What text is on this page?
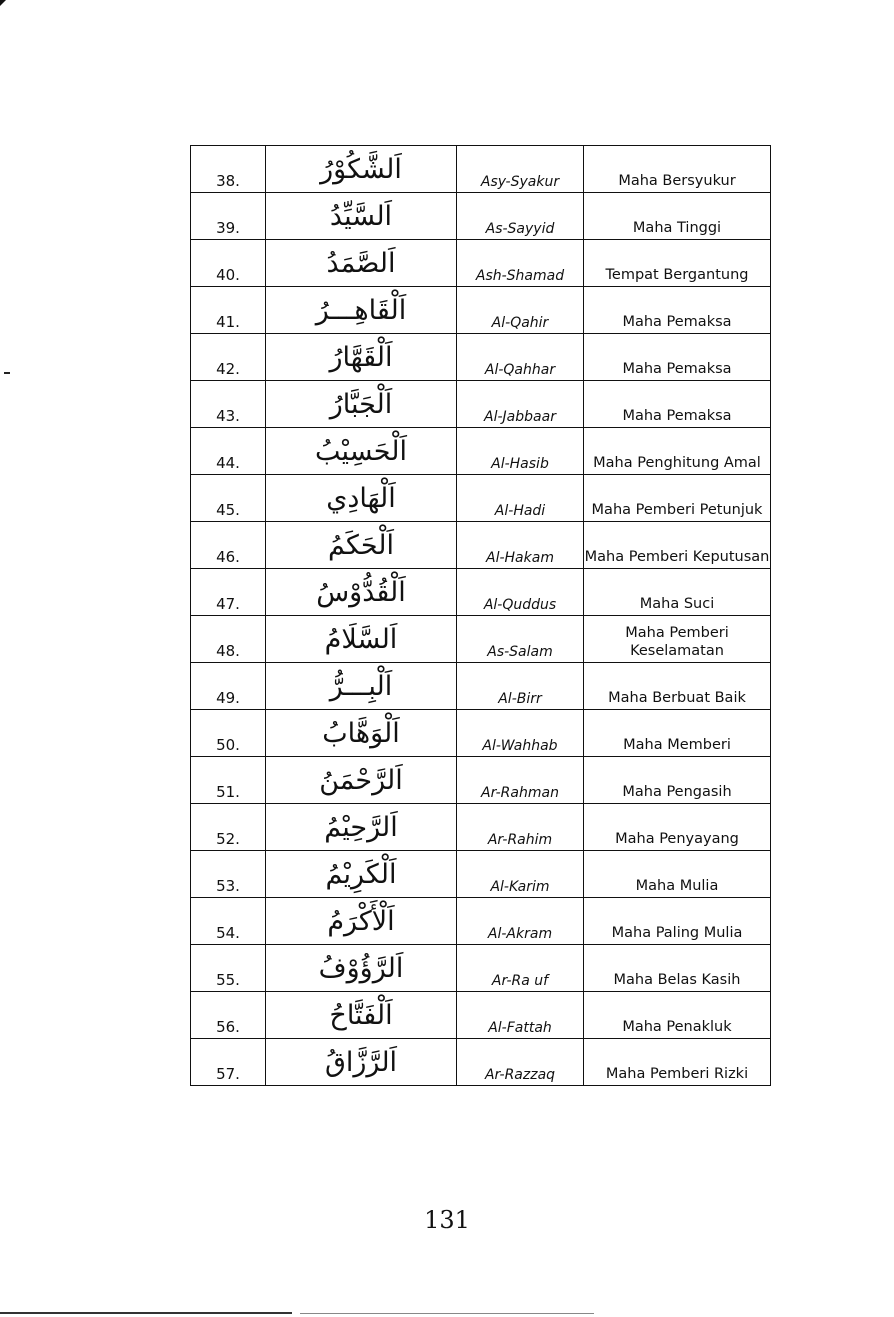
38.	اَلشَّكُوْرُ	Asy-Syakur	Maha Bersyukur
39.	اَلسَّيِّدُ	As-Sayyid	Maha Tinggi
40.	اَلصَّمَدُ	Ash-Shamad	Tempat Bergantung
41.	اَلْقَاهِـــرُ	Al-Qahir	Maha Pemaksa
42.	اَلْقَهَّارُ	Al-Qahhar	Maha Pemaksa
43.	اَلْجَبَّارُ	Al-Jabbaar	Maha Pemaksa
44.	اَلْحَسِيْبُ	Al-Hasib	Maha Penghitung Amal
45.	اَلْهَادِي	Al-Hadi	Maha Pemberi Petunjuk
46.	اَلْحَكَمُ	Al-Hakam	Maha Pemberi Keputusan
47.	اَلْقُدُّوْسُ	Al-Quddus	Maha Suci
48.	اَلسَّلَامُ	As-Salam	Maha Pemberi Keselamatan
49.	اَلْبِـــرُّ	Al-Birr	Maha Berbuat Baik
50.	اَلْوَهَّابُ	Al-Wahhab	Maha Memberi
51.	اَلرَّحْمَنُ	Ar-Rahman	Maha Pengasih
52.	اَلرَّحِيْمُ	Ar-Rahim	Maha Penyayang
53.	اَلْكَرِيْمُ	Al-Karim	Maha Mulia
54.	اَلْأَكْرَمُ	Al-Akram	Maha Paling Mulia
55.	اَلرَّؤُوْفُ	Ar-Ra uf	Maha Belas Kasih
56.	اَلْفَتَّاحُ	Al-Fattah	Maha Penakluk
57.	اَلرَّزَّاقُ	Ar-Razzaq	Maha Pemberi Rizki
131
